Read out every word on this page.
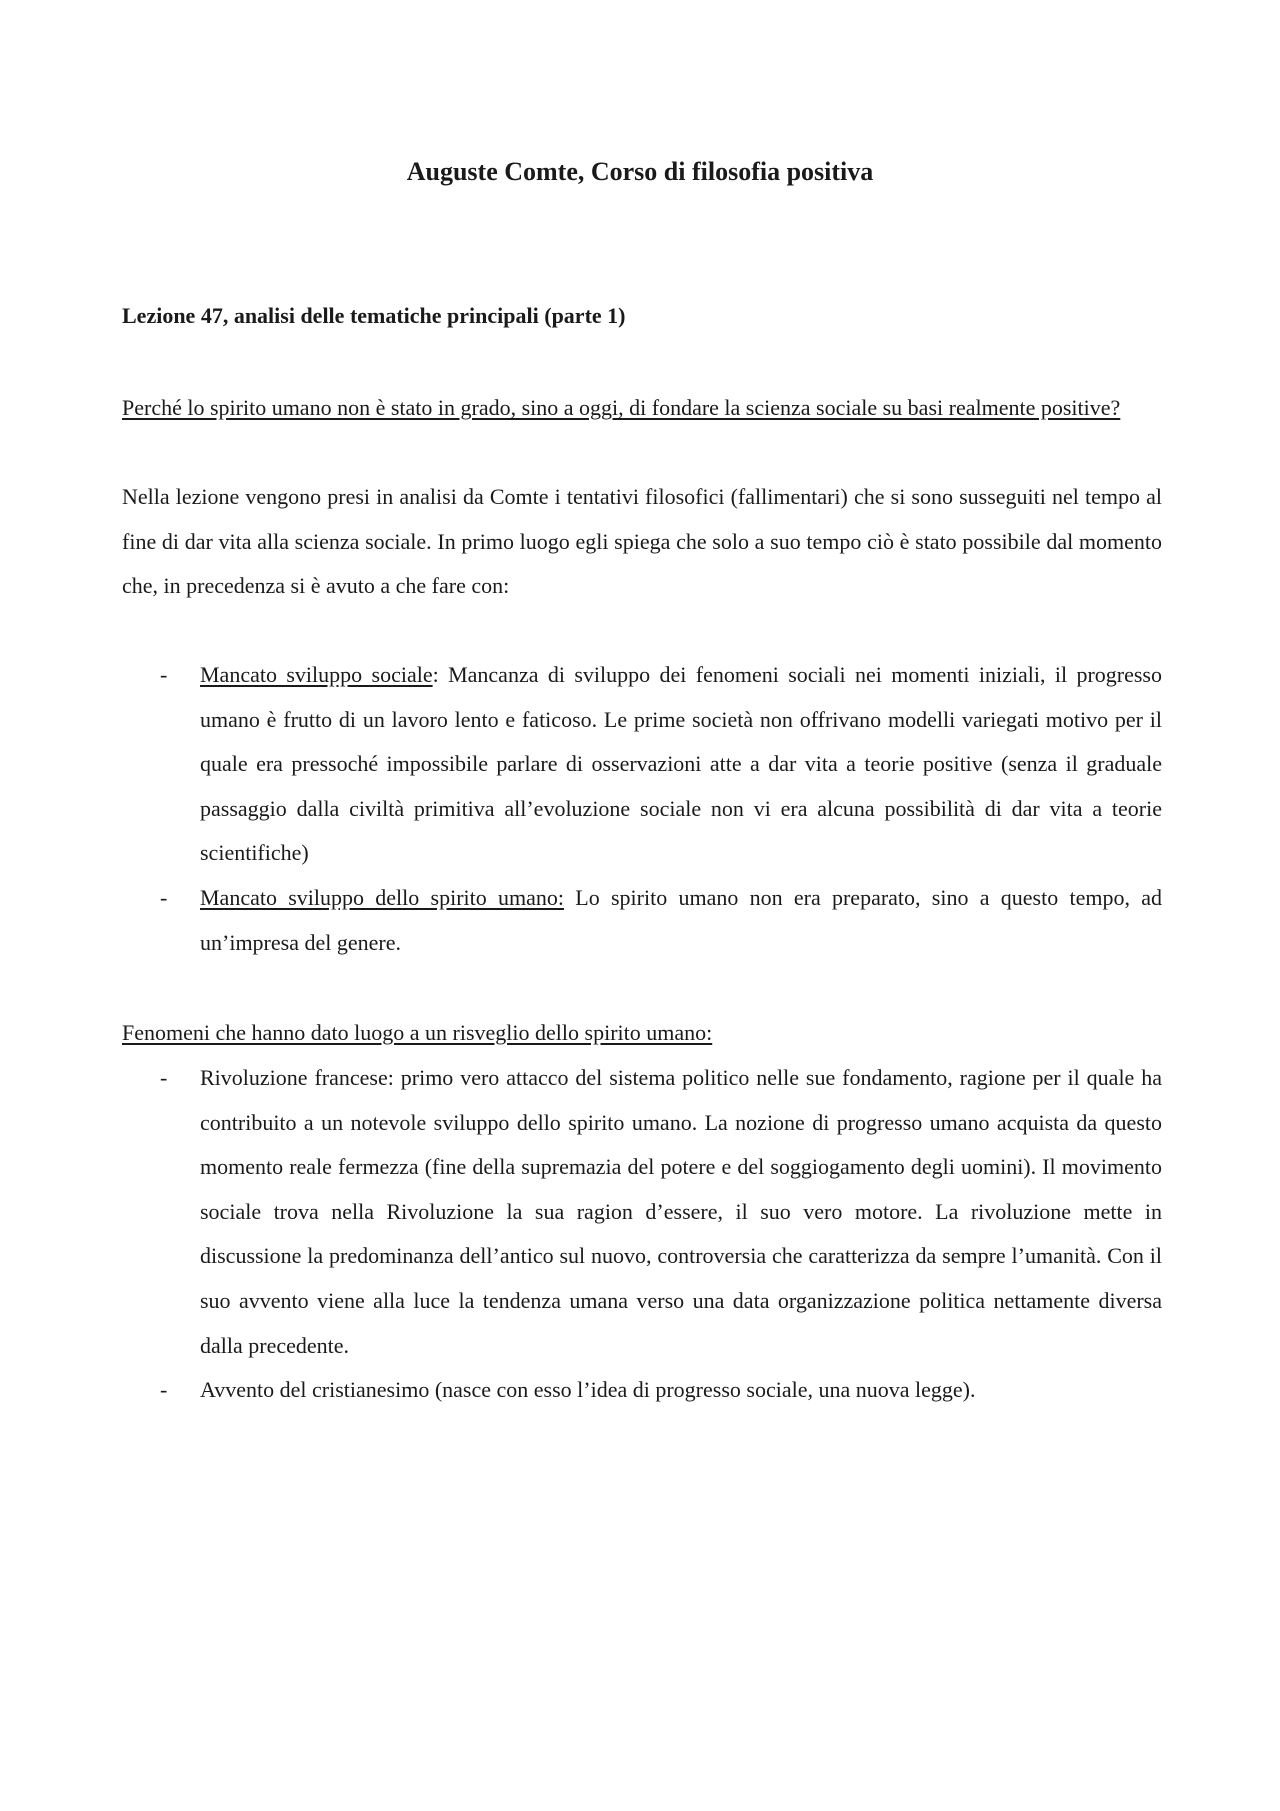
Auguste Comte, Corso di filosofia positiva
Lezione 47, analisi delle tematiche principali (parte 1)

Perché lo spirito umano non è stato in grado, sino a oggi, di fondare la scienza sociale su basi realmente positive?

Nella lezione vengono presi in analisi da Comte i tentativi filosofici (fallimentari) che si sono susseguiti nel tempo al fine di dar vita alla scienza sociale. In primo luogo egli spiega che solo a suo tempo ciò è stato possibile dal momento che, in precedenza si è avuto a che fare con:

- Mancato sviluppo sociale: Mancanza di sviluppo dei fenomeni sociali nei momenti iniziali, il progresso umano è frutto di un lavoro lento e faticoso. Le prime società non offrivano modelli variegati motivo per il quale era pressoché impossibile parlare di osservazioni atte a dar vita a teorie positive (senza il graduale passaggio dalla civiltà primitiva all’evoluzione sociale non vi era alcuna possibilità di dar vita a teorie scientifiche)
- Mancato sviluppo dello spirito umano: Lo spirito umano non era preparato, sino a questo tempo, ad un’impresa del genere.

Fenomeni che hanno dato luogo a un risveglio dello spirito umano:

- Rivoluzione francese: primo vero attacco del sistema politico nelle sue fondamento, ragione per il quale ha contribuito a un notevole sviluppo dello spirito umano. La nozione di progresso umano acquista da questo momento reale fermezza (fine della supremazia del potere e del soggiogamento degli uomini). Il movimento sociale trova nella Rivoluzione la sua ragion d’essere, il suo vero motore. La rivoluzione mette in discussione la predominanza dell’antico sul nuovo, controversia che caratterizza da sempre l’umanità. Con il suo avvento viene alla luce la tendenza umana verso una data organizzazione politica nettamente diversa dalla precedente.
- Avvento del cristianesimo (nasce con esso l’idea di progresso sociale, una nuova legge).
